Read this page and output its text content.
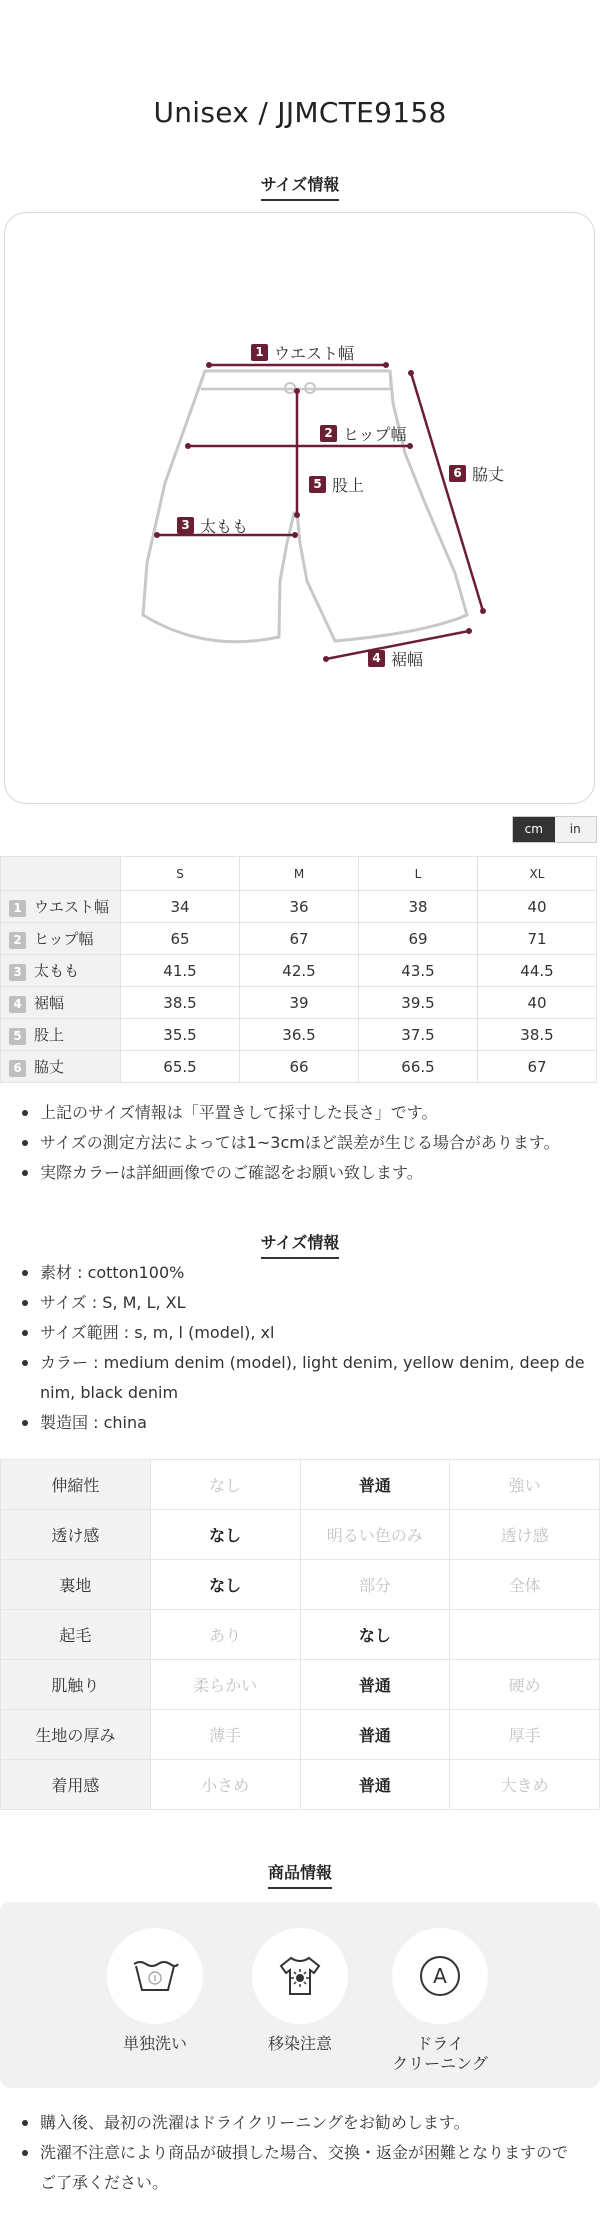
Unisex / JJMCTE9158
サイズ情報
1 ウエスト幅
2 ヒップ幅
3 太もも
4 裾幅
5 股上
6 脇丈
cm	in
	S	M	L	XL
1 ウエスト幅	34	36	38	40
2 ヒップ幅	65	67	69	71
3 太もも	41.5	42.5	43.5	44.5
4 裾幅	38.5	39	39.5	40
5 股上	35.5	36.5	37.5	38.5
6 脇丈	65.5	66	66.5	67
上記のサイズ情報は「平置きして採寸した長さ」です。
サイズの測定方法によっては1~3cmほど誤差が生じる場合があります。
実際カラーは詳細画像でのご確認をお願い致します。
サイズ情報
素材 : cotton100%
サイズ : S, M, L, XL
サイズ範囲 : s, m, l (model), xl
カラー : medium denim (model), light denim, yellow denim, deep denim, black denim
製造国 : china
伸縮性	なし	普通	強い
透け感	なし	明るい色のみ	透け感
裏地	なし	部分	全体
起毛	あり	なし	
肌触り	柔らかい	普通	硬め
生地の厚み	薄手	普通	厚手
着用感	小さめ	普通	大きめ
商品情報
単独洗い	移染注意
A
ドライ
クリーニング
購入後、最初の洗濯はドライクリーニングをお勧めします。
洗濯不注意により商品が破損した場合、交換・返金が困難となりますのでご了承ください。
